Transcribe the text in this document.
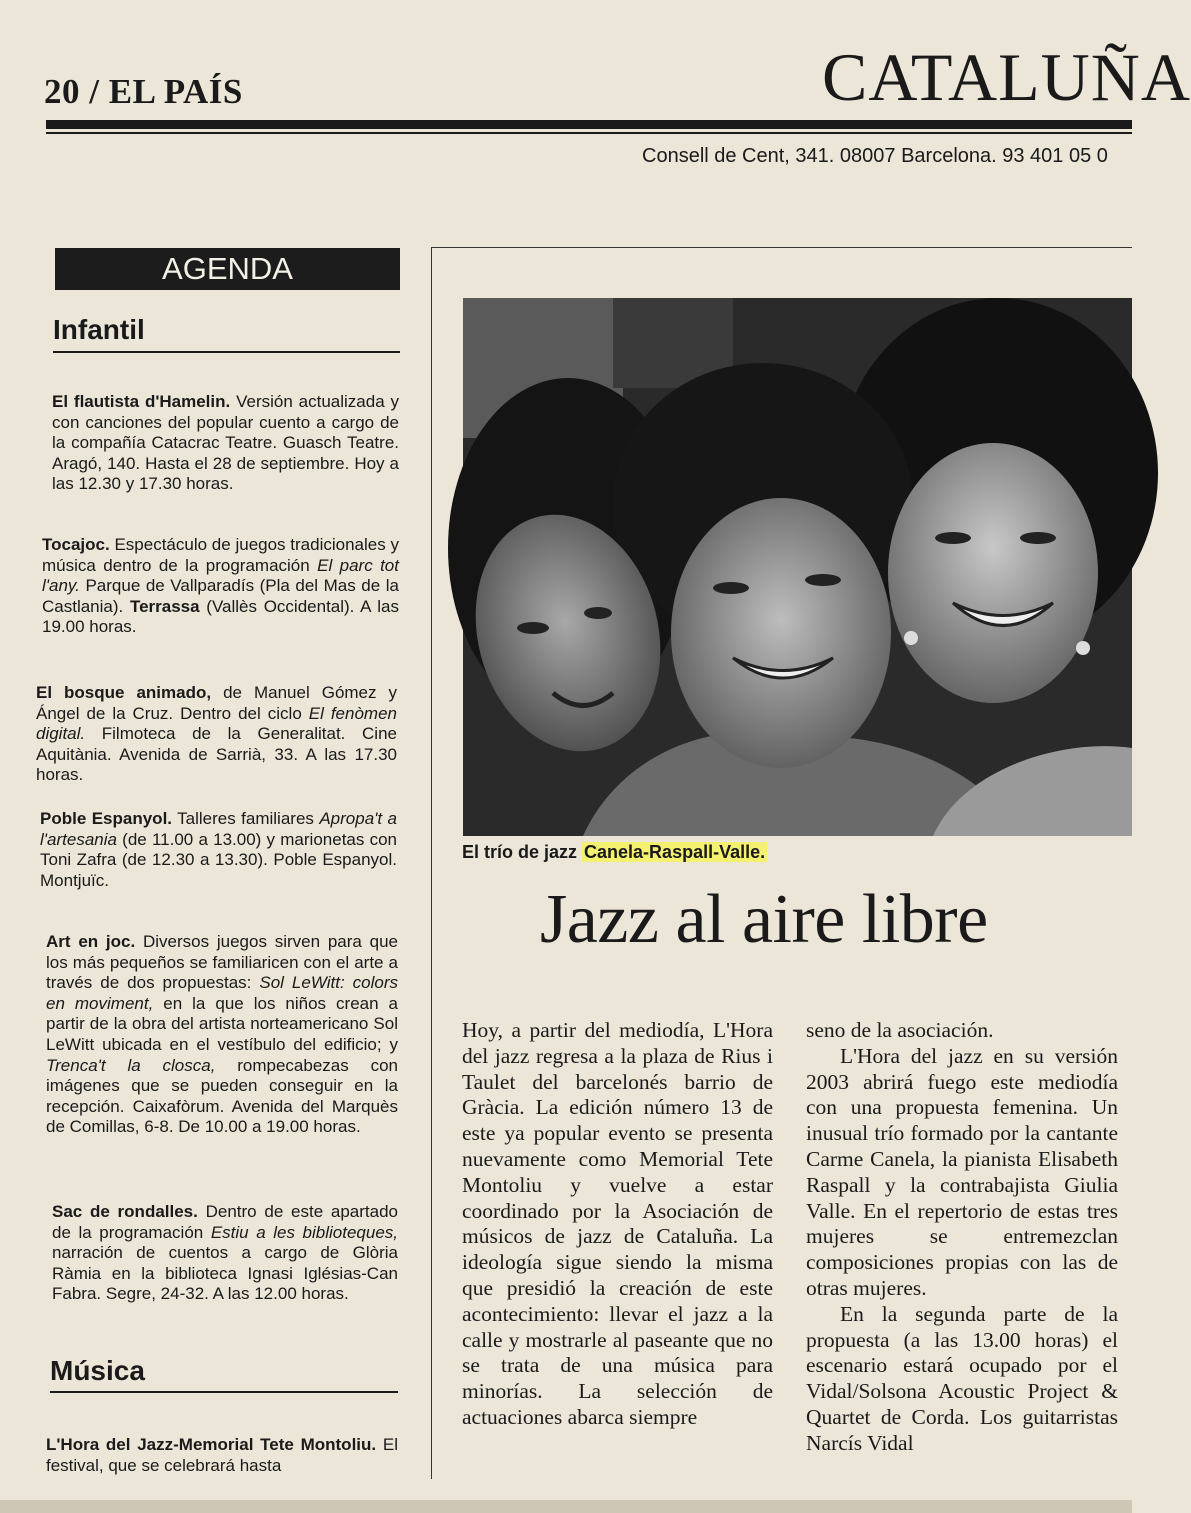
20 / EL PAÍS	CATALUÑA
Consell de Cent, 341. 08007 Barcelona. 93 401 05 0
AGENDA
Infantil
El flautista d'Hamelin. Versión actualizada y con canciones del popular cuento a cargo de la compañía Catacrac Teatre. Guasch Teatre. Aragó, 140. Hasta el 28 de septiembre. Hoy a las 12.30 y 17.30 horas.
Tocajoc. Espectáculo de juegos tradicionales y música dentro de la programación El parc tot l'any. Parque de Vallparadís (Pla del Mas de la Castlania). Terrassa (Vallès Occidental). A las 19.00 horas.
El bosque animado, de Manuel Gómez y Ángel de la Cruz. Dentro del ciclo El fenòmen digital. Filmoteca de la Generalitat. Cine Aquitània. Avenida de Sarrià, 33. A las 17.30 horas.
Poble Espanyol. Talleres familiares Apropa't a l'artesania (de 11.00 a 13.00) y marionetas con Toni Zafra (de 12.30 a 13.30). Poble Espanyol. Montjuïc.
Art en joc. Diversos juegos sirven para que los más pequeños se familiaricen con el arte a través de dos propuestas: Sol LeWitt: colors en moviment, en la que los niños crean a partir de la obra del artista norteamericano Sol LeWitt ubicada en el vestíbulo del edificio; y Trenca't la closca, rompecabezas con imágenes que se pueden conseguir en la recepción. Caixafòrum. Avenida del Marquès de Comillas, 6-8. De 10.00 a 19.00 horas.
Sac de rondalles. Dentro de este apartado de la programación Estiu a les biblioteques, narración de cuentos a cargo de Glòria Ràmia en la biblioteca Ignasi Iglésias-Can Fabra. Segre, 24-32. A las 12.00 horas.
Música
L'Hora del Jazz-Memorial Tete Montoliu. El festival, que se celebrará hasta
El trío de jazz Canela-Raspall-Valle.
Jazz al aire libre
Hoy, a partir del mediodía, L'Hora del jazz regresa a la plaza de Rius i Taulet del barcelonés barrio de Gràcia. La edición número 13 de este ya popular evento se presenta nuevamente como Memorial Tete Montoliu y vuelve a estar coordinado por la Asociación de músicos de jazz de Cataluña. La ideología sigue siendo la misma que presidió la creación de este acontecimiento: llevar el jazz a la calle y mostrarle al paseante que no se trata de una música para minorías. La selección de actuaciones abarca siempre
seno de la asociación.
L'Hora del jazz en su versión 2003 abrirá fuego este mediodía con una propuesta femenina. Un inusual trío formado por la cantante Carme Canela, la pianista Elisabeth Raspall y la contrabajista Giulia Valle. En el repertorio de estas tres mujeres se entremezclan composiciones propias con las de otras mujeres.
En la segunda parte de la propuesta (a las 13.00 horas) el escenario estará ocupado por el Vidal/Solsona Acoustic Project & Quartet de Corda. Los guitarristas Narcís Vidal
